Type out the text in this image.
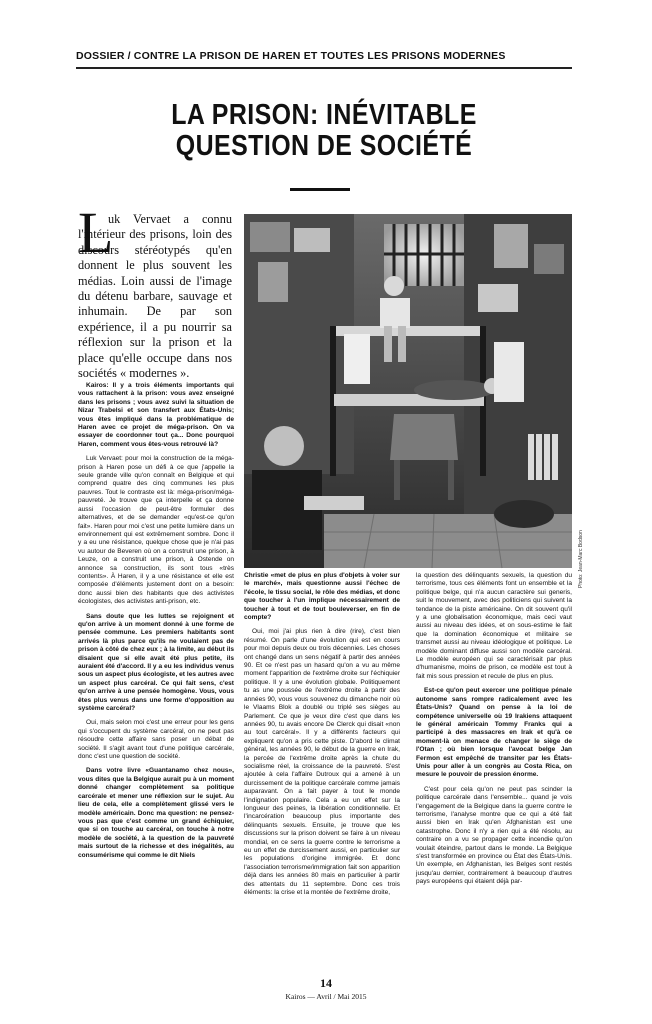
DOSSIER / CONTRE LA PRISON DE HAREN ET TOUTES LES PRISONS MODERNES
LA PRISON: INÉVITABLE
QUESTION DE SOCIÉTÉ
L

uk Vervaet a connu l'intérieur des prisons, loin des discours stéréotypés qu'en donnent le plus souvent les médias. Loin aussi de l'image du détenu barbare, sauvage et inhumain. De par son expérience, il a pu nourrir sa réflexion sur la prison et la place qu'elle occupe dans nos sociétés « modernes ».

Photo: Jean-Marc Bodson

Kairos: Il y a trois éléments importants qui vous rattachent à la prison: vous avez enseigné dans les prisons ; vous avez suivi la situation de Nizar Trabelsi et son transfert aux États-Unis; vous êtes impliqué dans la problématique de Haren avec ce projet de méga-prison. On va essayer de coordonner tout ça... Donc pourquoi Haren, comment vous êtes-vous retrouvé là?

Luk Vervaet: pour moi la construction de la méga-prison à Haren pose un défi à ce que j'appelle la seule grande ville qu'on connaît en Belgique et qui comprend quatre des cinq communes les plus pauvres. Tout le contraste est là: méga-prison/méga-pauvreté. Je trouve que ça interpelle et ça donne aussi l'occasion de peut-être formuler des alternatives, et de se demander «qu'est-ce qu'on fait». Haren pour moi c'est une petite lumière dans un environnement qui est extrêmement sombre. Donc il y a eu une résistance, quelque chose que je n'ai pas vu autour de Beveren où on a construit une prison, à Leuze, on a construit une prison, à Ostende on annonce sa construction, ils sont tous «très contents». À Haren, il y a une résistance et elle est composée d'éléments justement dont on a besoin: donc aussi bien des habitants que des activistes écologistes, des activistes anti-prison, etc.

Sans doute que les luttes se rejoignent et qu'on arrive à un moment donné à une forme de pensée commune. Les premiers habitants sont arrivés là plus parce qu'ils ne voulaient pas de prison à côté de chez eux ; à la limite, au début ils disaient que si elle avait été plus petite, ils auraient été d'accord. Il y a eu les individus venus sous un aspect plus écologiste, et les autres avec un aspect plus carcéral. Ce qui fait sens, c'est qu'on arrive à une pensée homogène. Vous, vous êtes plus venus dans une forme d'opposition au système carcéral?

Oui, mais selon moi c'est une erreur pour les gens qui s'occupent du système carcéral, on ne peut pas résoudre cette affaire sans poser un débat de société. Il s'agit avant tout d'une politique carcérale, donc c'est une question de société.

Dans votre livre «Guantanamo chez nous», vous dites que la Belgique aurait pu à un moment donné changer complètement sa politique carcérale et mener une réflexion sur le sujet. Au lieu de cela, elle a complètement glissé vers le modèle américain. Donc ma question: ne pensez-vous pas que c'est comme un grand échiquier, que si on touche au carcéral, on touche à notre modèle de société, à la question de la pauvreté mais surtout de la richesse et des inégalités, au consumérisme qui comme le dit Niels

Christie «met de plus en plus d'objets à voler sur le marché», mais questionne aussi l'échec de l'école, le tissu social, le rôle des médias, et donc que toucher à l'un implique nécessairement de toucher à tout et de tout bouleverser, en fin de compte?

Oui, moi j'ai plus rien à dire (rire), c'est bien résumé. On parle d'une évolution qui est en cours pour moi depuis deux ou trois décennies. Les choses ont changé dans un sens négatif à partir des années 90. Et ce n'est pas un hasard qu'on a vu au même moment l'apparition de l'extrême droite sur l'échiquier politique. Il y a une évolution globale. Politiquement tu as une poussée de l'extrême droite à partir des années 90, vous vous souvenez du dimanche noir où le Vlaams Blok a doublé ou triplé ses sièges au Parlement. Ce que je veux dire c'est que dans les années 90, tu avais encore De Clerck qui disait «non au tout carcéral». Il y a différents facteurs qui expliquent qu'on a pris cette piste. D'abord le climat général, les années 90, le début de la guerre en Irak, la percée de l'extrême droite après la chute du socialisme réel, la croissance de la pauvreté. S'est ajoutée à cela l'affaire Dutroux qui a amené à un durcissement de la politique carcérale comme jamais auparavant. On a fait payer à tout le monde l'indignation populaire. Cela a eu un effet sur la longueur des peines, la libération conditionnelle. Et l'incarcération beaucoup plus importante des délinquants sexuels. Ensuite, je trouve que les discussions sur la prison doivent se faire à un niveau mondial, en ce sens la guerre contre le terrorisme a eu un effet de durcissement aussi, en particulier sur les populations d'origine immigrée. Et donc l'association terrorisme/immigration fait son apparition déjà dans les années 80 mais en particulier à partir des attentats du 11 septembre. Donc ces trois éléments: la crise et la montée de l'extrême droite,

la question des délinquants sexuels, la question du terrorisme, tous ces éléments font un ensemble et la politique belge, qui n'a aucun caractère sui generis, suit le mouvement, avec des politiciens qui suivent la tendance de la piste américaine. On dit souvent qu'il y a une globalisation économique, mais ceci vaut aussi au niveau des idées, et on sous-estime le fait que la domination économique et militaire se transmet aussi au niveau idéologique et politique. Le modèle dominant diffuse aussi son modèle carcéral. Le modèle européen qui se caractérisait par plus d'humanisme, moins de prison, ce modèle est tout à fait mis sous pression et recule de plus en plus.

Est-ce qu'on peut exercer une politique pénale autonome sans rompre radicalement avec les États-Unis? Quand on pense à la loi de compétence universelle où 19 Irakiens attaquent le général américain Tommy Franks qui a participé à des massacres en Irak et qu'à ce moment-là on menace de changer le siège de l'Otan ; où bien lorsque l'avocat belge Jan Fermon est empêché de transiter par les États-Unis pour aller à un congrès au Costa Rica, on mesure le pouvoir de pression énorme.

C'est pour cela qu'on ne peut pas scinder la politique carcérale dans l'ensemble... quand je vois l'engagement de la Belgique dans la guerre contre le terrorisme, l'analyse montre que ce qui a été fait aussi bien en Irak qu'en Afghanistan est une catastrophe. Donc il n'y a rien qui a été résolu, au contraire on a vu se propager cette incendie qu'on voulait éteindre, partout dans le monde. La Belgique s'est transformée en province ou État des États-Unis. Un exemple, en Afghanistan, les Belges sont restés jusqu'au dernier, contrairement à beaucoup d'autres pays européens qui étaient déjà par-

14
Kairos — Avril / Mai 2015
